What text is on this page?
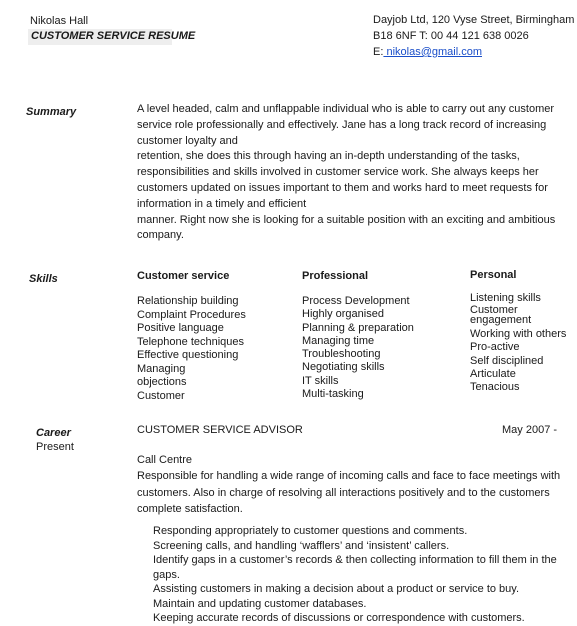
Nikolas Hall
CUSTOMER SERVICE RESUME
Dayjob Ltd, 120 Vyse Street, Birmingham
B18 6NF T: 00 44 121 638 0026
E: nikolas@gmail.com
Summary
Skills
Career
Present

A level headed, calm and unflappable individual who is able to carry out any customer service role professionally and effectively. Jane has a long track record of increasing customer loyalty and

retention, she does this through having an in-depth understanding of the tasks, responsibilities and skills involved in customer service work. She always keeps her customers updated on issues important to them and works hard to meet requests for information in a timely and efficient

manner. Right now she is looking for a suitable position with an exciting and ambitious company.

Customer service
Relationship building
Complaint Procedures
Positive language
Telephone techniques
Effective questioning
Managing
objections
Customer
Professional
Process Development
Highly organised
Planning & preparation
Managing time
Troubleshooting
Negotiating skills
IT skills
Multi-tasking
Personal
Listening skills
Customer engagement
Working with others
Pro-active
Self disciplined
Articulate
Tenacious
CUSTOMER SERVICE ADVISOR	May 2007 -
Call Centre
Responsible for handling a wide range of incoming calls and face to face meetings with customers. Also in charge of resolving all interactions positively and to the customers complete satisfaction.
Responding appropriately to customer questions and comments.
Screening calls, and handling ‘wafflers’ and ‘insistent’ callers.
Identify gaps in a customer’s records & then collecting information to fill them in the gaps.
Assisting customers in making a decision about a product or service to buy.
Maintain and updating customer databases.
Keeping accurate records of discussions or correspondence with customers.
